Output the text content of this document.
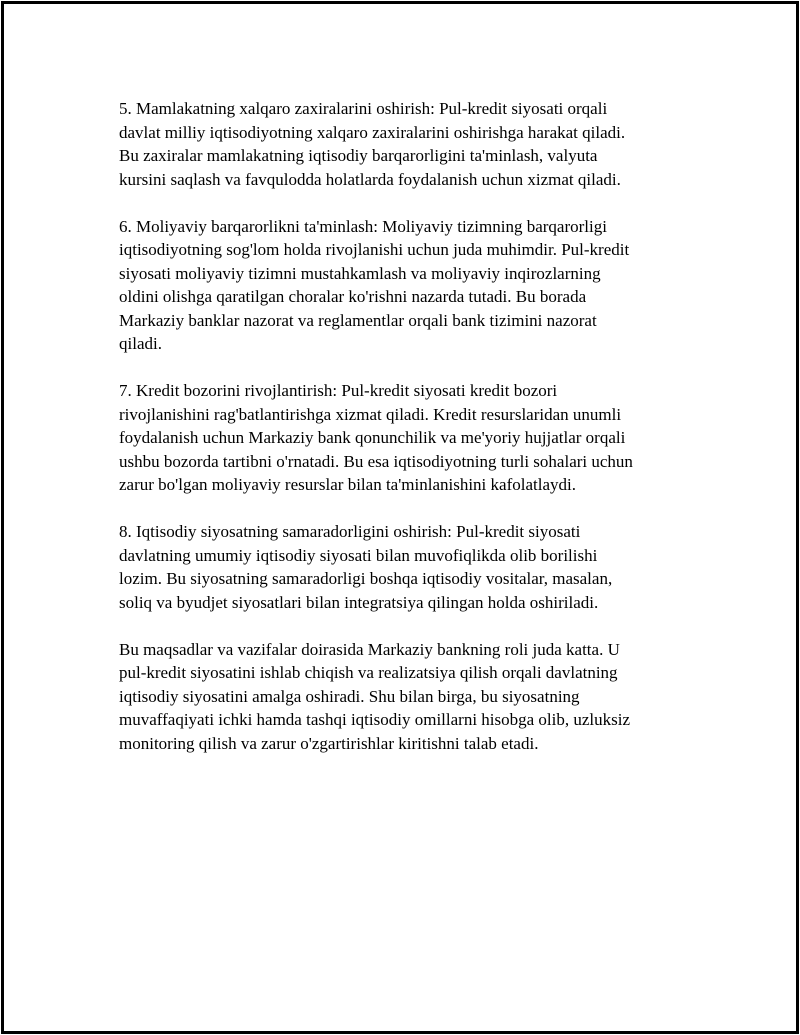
5. Mamlakatning xalqaro zaxiralarini oshirish: Pul-kredit siyosati orqali
davlat milliy iqtisodiyotning xalqaro zaxiralarini oshirishga harakat qiladi.
Bu zaxiralar mamlakatning iqtisodiy barqarorligini ta'minlash, valyuta
kursini saqlash va favqulodda holatlarda foydalanish uchun xizmat qiladi.

6. Moliyaviy barqarorlikni ta'minlash: Moliyaviy tizimning barqarorligi
iqtisodiyotning sog'lom holda rivojlanishi uchun juda muhimdir. Pul-kredit
siyosati moliyaviy tizimni mustahkamlash va moliyaviy inqirozlarning
oldini olishga qaratilgan choralar ko'rishni nazarda tutadi. Bu borada
Markaziy banklar nazorat va reglamentlar orqali bank tizimini nazorat
qiladi.

7. Kredit bozorini rivojlantirish: Pul-kredit siyosati kredit bozori
rivojlanishini rag'batlantirishga xizmat qiladi. Kredit resurslaridan unumli
foydalanish uchun Markaziy bank qonunchilik va me'yoriy hujjatlar orqali
ushbu bozorda tartibni o'rnatadi. Bu esa iqtisodiyotning turli sohalari uchun
zarur bo'lgan moliyaviy resurslar bilan ta'minlanishini kafolatlaydi.

8. Iqtisodiy siyosatning samaradorligini oshirish: Pul-kredit siyosati
davlatning umumiy iqtisodiy siyosati bilan muvofiqlikda olib borilishi
lozim. Bu siyosatning samaradorligi boshqa iqtisodiy vositalar, masalan,
soliq va byudjet siyosatlari bilan integratsiya qilingan holda oshiriladi.

Bu maqsadlar va vazifalar doirasida Markaziy bankning roli juda katta. U
pul-kredit siyosatini ishlab chiqish va realizatsiya qilish orqali davlatning
iqtisodiy siyosatini amalga oshiradi. Shu bilan birga, bu siyosatning
muvaffaqiyati ichki hamda tashqi iqtisodiy omillarni hisobga olib, uzluksiz
monitoring qilish va zarur o'zgartirishlar kiritishni talab etadi.
